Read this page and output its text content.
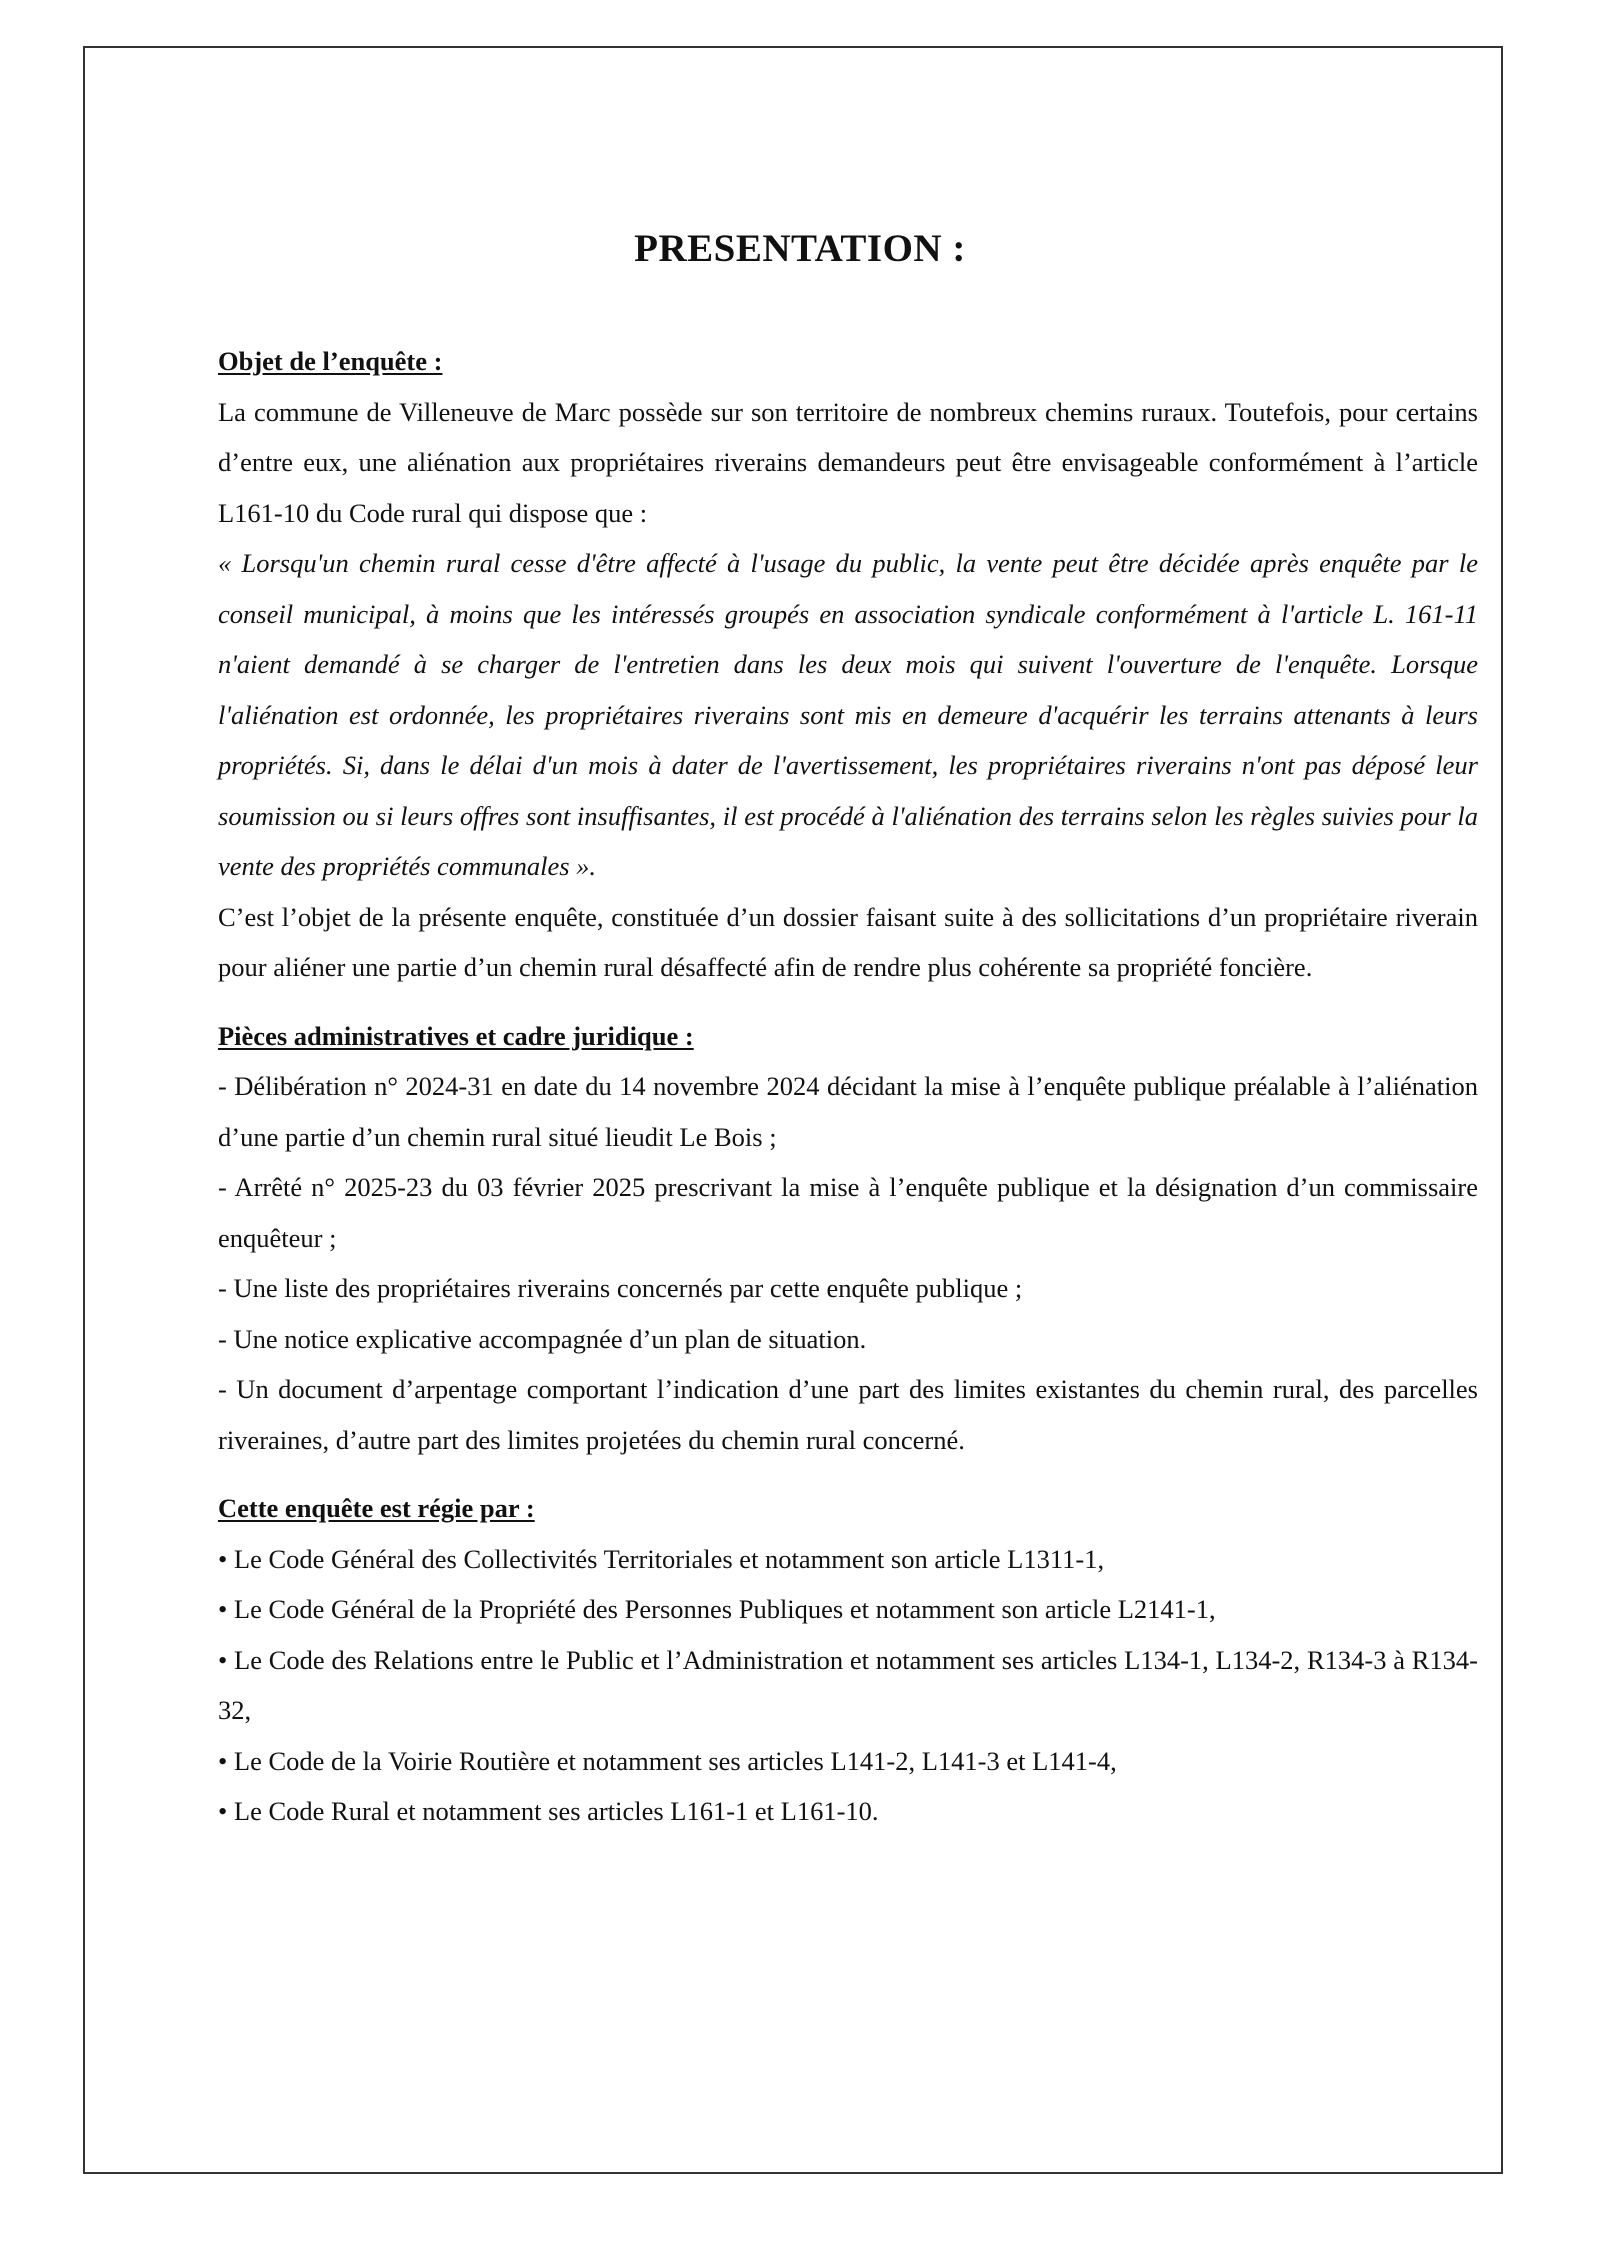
PRESENTATION :

Objet de l’enquête :

La commune de Villeneuve de Marc possède sur son territoire de nombreux chemins ruraux. Toutefois, pour certains d’entre eux, une aliénation aux propriétaires riverains demandeurs peut être envisageable conformément à l’article L161-10 du Code rural qui dispose que :

« Lorsqu'un chemin rural cesse d'être affecté à l'usage du public, la vente peut être décidée après enquête par le conseil municipal, à moins que les intéressés groupés en association syndicale conformément à l'article L. 161-11 n'aient demandé à se charger de l'entretien dans les deux mois qui suivent l'ouverture de l'enquête. Lorsque l'aliénation est ordonnée, les propriétaires riverains sont mis en demeure d'acquérir les terrains attenants à leurs propriétés. Si, dans le délai d'un mois à dater de l'avertissement, les propriétaires riverains n'ont pas déposé leur soumission ou si leurs offres sont insuffisantes, il est procédé à l'aliénation des terrains selon les règles suivies pour la vente des propriétés communales ».

C’est l’objet de la présente enquête, constituée d’un dossier faisant suite à des sollicitations d’un propriétaire riverain pour aliéner une partie d’un chemin rural désaffecté afin de rendre plus cohérente sa propriété foncière.

Pièces administratives et cadre juridique :

- Délibération n° 2024-31 en date du 14 novembre 2024 décidant la mise à l’enquête publique préalable à l’aliénation d’une partie d’un chemin rural situé lieudit Le Bois ;

- Arrêté n° 2025-23 du 03 février 2025 prescrivant la mise à l’enquête publique et la désignation d’un commissaire enquêteur ;

- Une liste des propriétaires riverains concernés par cette enquête publique ;

- Une notice explicative accompagnée d’un plan de situation.

- Un document d’arpentage comportant l’indication d’une part des limites existantes du chemin rural, des parcelles riveraines, d’autre part des limites projetées du chemin rural concerné.

Cette enquête est régie par :

• Le Code Général des Collectivités Territoriales et notamment son article L1311-1,

• Le Code Général de la Propriété des Personnes Publiques et notamment son article L2141-1,

• Le Code des Relations entre le Public et l’Administration et notamment ses articles L134-1, L134-2, R134-3 à R134-32,

• Le Code de la Voirie Routière et notamment ses articles L141-2, L141-3 et L141-4,

• Le Code Rural et notamment ses articles L161-1 et L161-10.
